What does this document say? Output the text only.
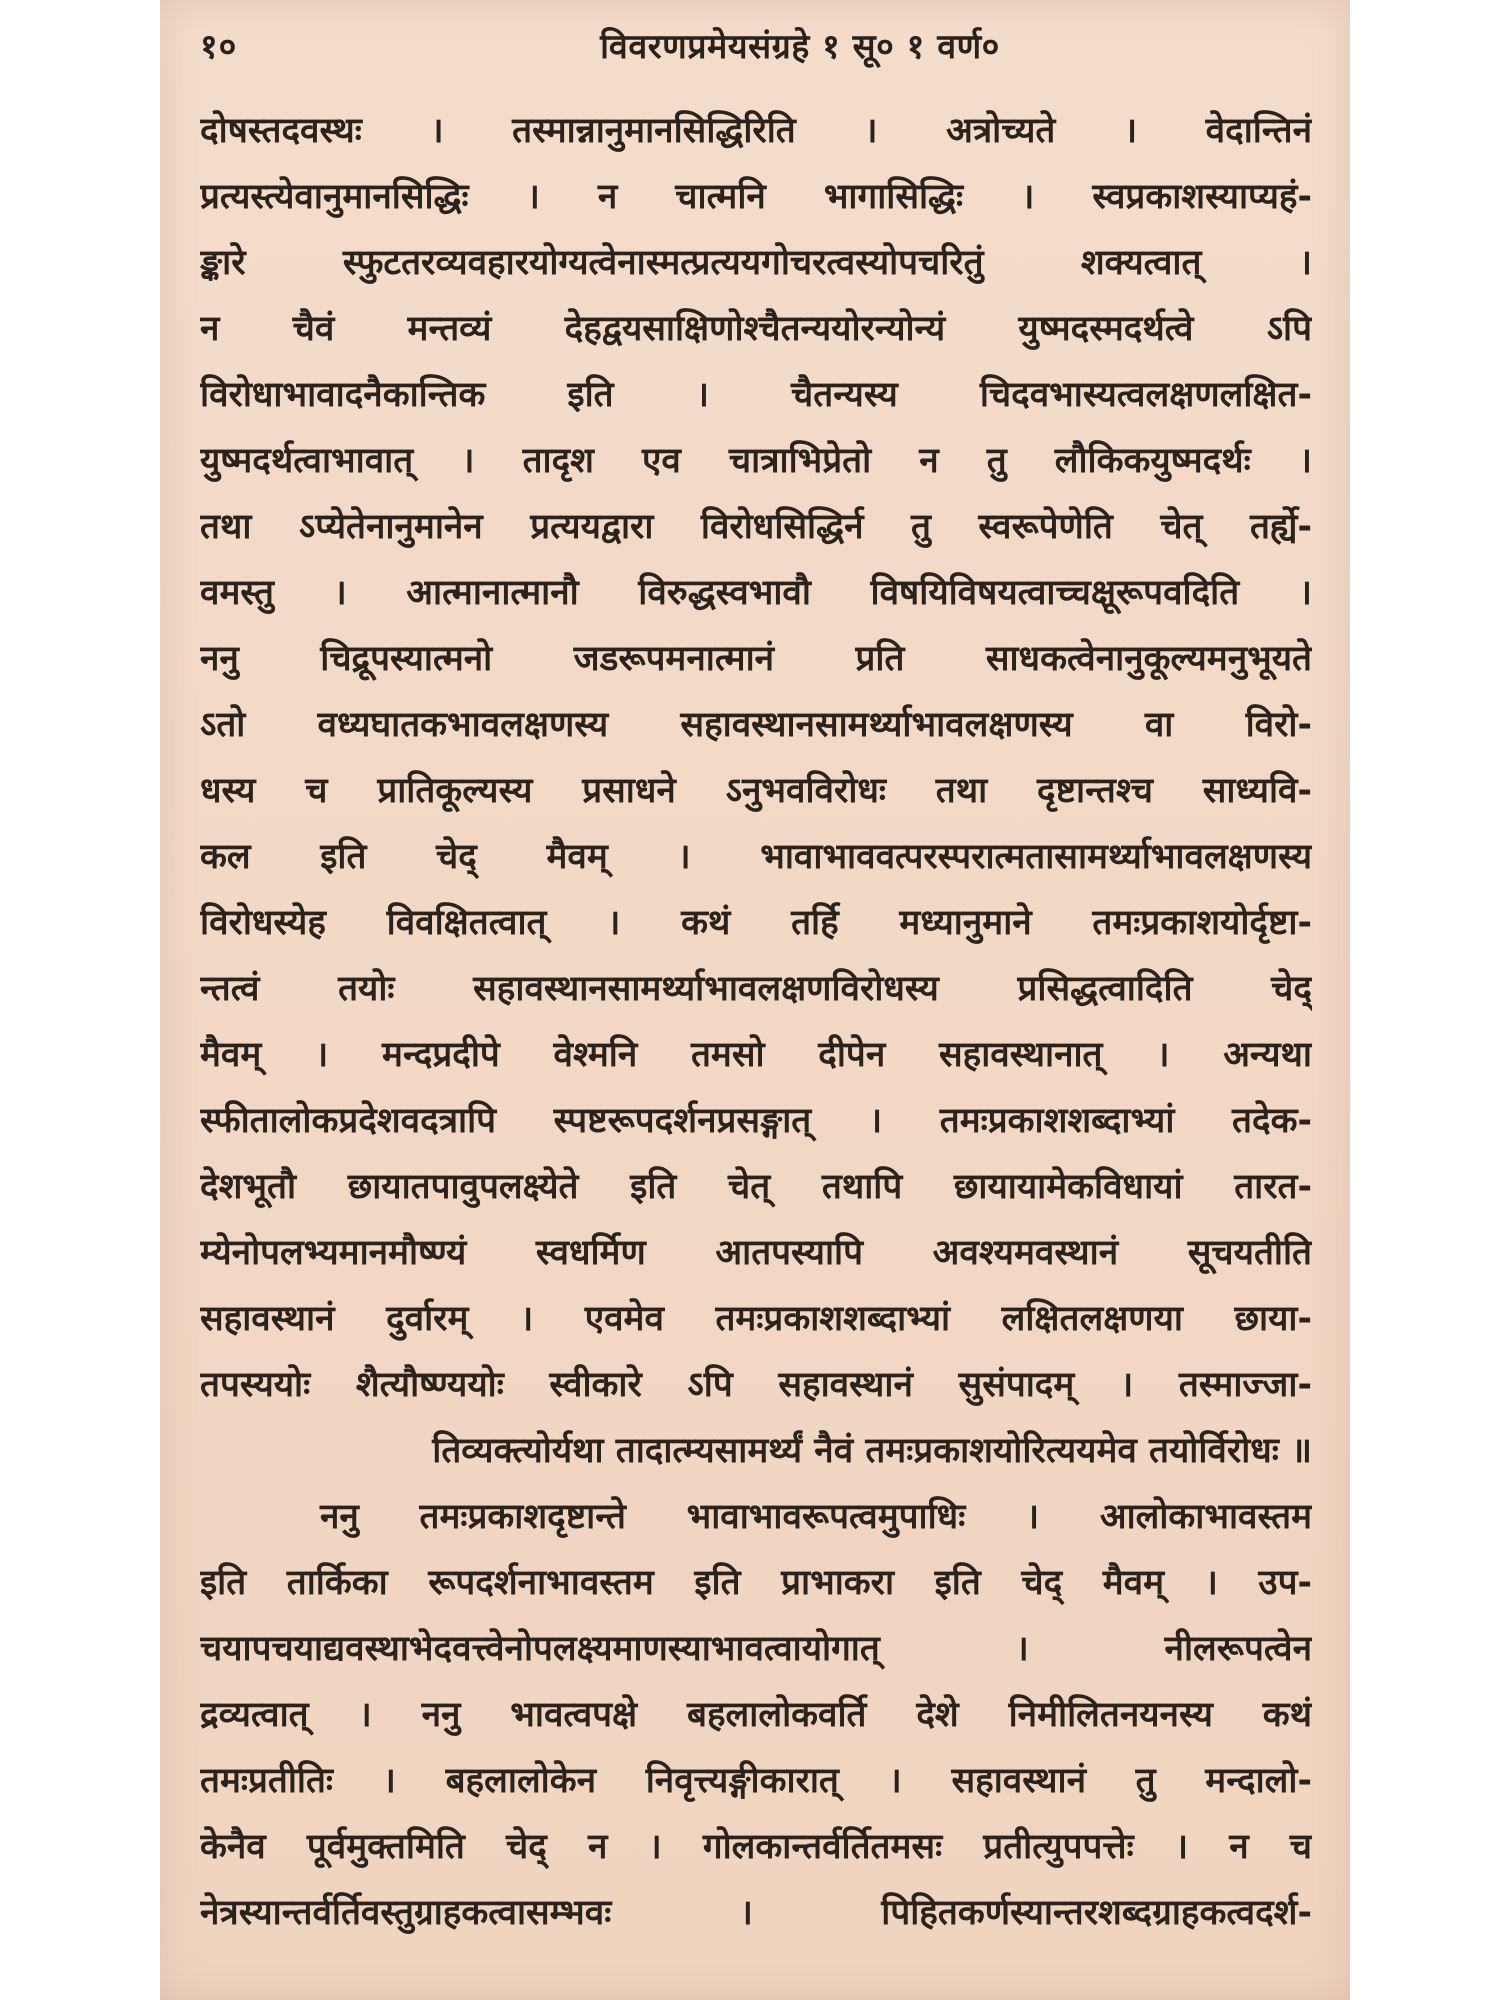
१०	विवरणप्रमेयसंग्रहे १ सू० १ वर्ण०
दोषस्तदवस्थः । तस्मान्नानुमानसिद्धिरिति । अत्रोच्यते । वेदान्तिनं
प्रत्यस्त्येवानुमानसिद्धिः । न चात्मनि भागासिद्धिः । स्वप्रकाशस्याप्यहं-
ङ्कारे स्फुटतरव्यवहारयोग्यत्वेनास्मत्प्रत्ययगोचरत्वस्योपचरितुं शक्यत्वात् ।
न चैवं मन्तव्यं देहद्वयसाक्षिणोश्चैतन्ययोरन्योन्यं युष्मदस्मदर्थत्वे ऽपि
विरोधाभावादनैकान्तिक इति । चैतन्यस्य चिदवभास्यत्वलक्षणलक्षित-
युष्मदर्थत्वाभावात् । तादृश एव चात्राभिप्रेतो न तु लौकिकयुष्मदर्थः ।
तथा ऽप्येतेनानुमानेन प्रत्ययद्वारा विरोधसिद्धिर्न तु स्वरूपेणेति चेत् तर्ह्ये-
वमस्तु । आत्मानात्मानौ विरुद्धस्वभावौ विषयिविषयत्वाच्चक्षूरूपवदिति ।
ननु चिद्रूपस्यात्मनो जडरूपमनात्मानं प्रति साधकत्वेनानुकूल्यमनुभूयते
ऽतो वध्यघातकभावलक्षणस्य सहावस्थानसामर्थ्याभावलक्षणस्य वा विरो-
धस्य च प्रातिकूल्यस्य प्रसाधने ऽनुभवविरोधः तथा दृष्टान्तश्च साध्यवि-
कल इति चेद् मैवम् । भावाभाववत्परस्परात्मतासामर्थ्याभावलक्षणस्य
विरोधस्येह विवक्षितत्वात् । कथं तर्हि मध्यानुमाने तमःप्रकाशयोर्दृष्टा-
न्तत्वं तयोः सहावस्थानसामर्थ्याभावलक्षणविरोधस्य प्रसिद्धत्वादिति चेद्
मैवम् । मन्दप्रदीपे वेश्मनि तमसो दीपेन सहावस्थानात् । अन्यथा
स्फीतालोकप्रदेशवदत्रापि स्पष्टरूपदर्शनप्रसङ्गात् । तमःप्रकाशशब्दाभ्यां तदेक-
देशभूतौ छायातपावुपलक्ष्येते इति चेत् तथापि छायायामेकविधायां तारत-
म्येनोपलभ्यमानमौष्ण्यं स्वधर्मिण आतपस्यापि अवश्यमवस्थानं सूचयतीति
सहावस्थानं दुर्वारम् । एवमेव तमःप्रकाशशब्दाभ्यां लक्षितलक्षणया छाया-
तपस्ययोः शैत्यौष्ण्ययोः स्वीकारे ऽपि सहावस्थानं सुसंपादम् । तस्माज्जा-
तिव्यक्त्योर्यथा तादात्म्यसामर्थ्यं नैवं तमःप्रकाशयोरित्ययमेव तयोर्विरोधः ॥
ननु तमःप्रकाशदृष्टान्ते भावाभावरूपत्वमुपाधिः । आलोकाभावस्तम
इति तार्किका रूपदर्शनाभावस्तम इति प्राभाकरा इति चेद् मैवम् । उप-
चयापचयाद्यवस्थाभेदवत्त्वेनोपलक्ष्यमाणस्याभावत्वायोगात् । नीलरूपत्वेन
द्रव्यत्वात् । ननु भावत्वपक्षे बहलालोकवर्ति देशे निमीलितनयनस्य कथं
तमःप्रतीतिः । बहलालोकेन निवृत्त्यङ्गीकारात् । सहावस्थानं तु मन्दालो-
केनैव पूर्वमुक्तमिति चेद् न । गोलकान्तर्वर्तितमसः प्रतीत्युपपत्तेः । न च
नेत्रस्यान्तर्वर्तिवस्तुग्राहकत्वासम्भवः । पिहितकर्णस्यान्तरशब्दग्राहकत्वदर्श-
